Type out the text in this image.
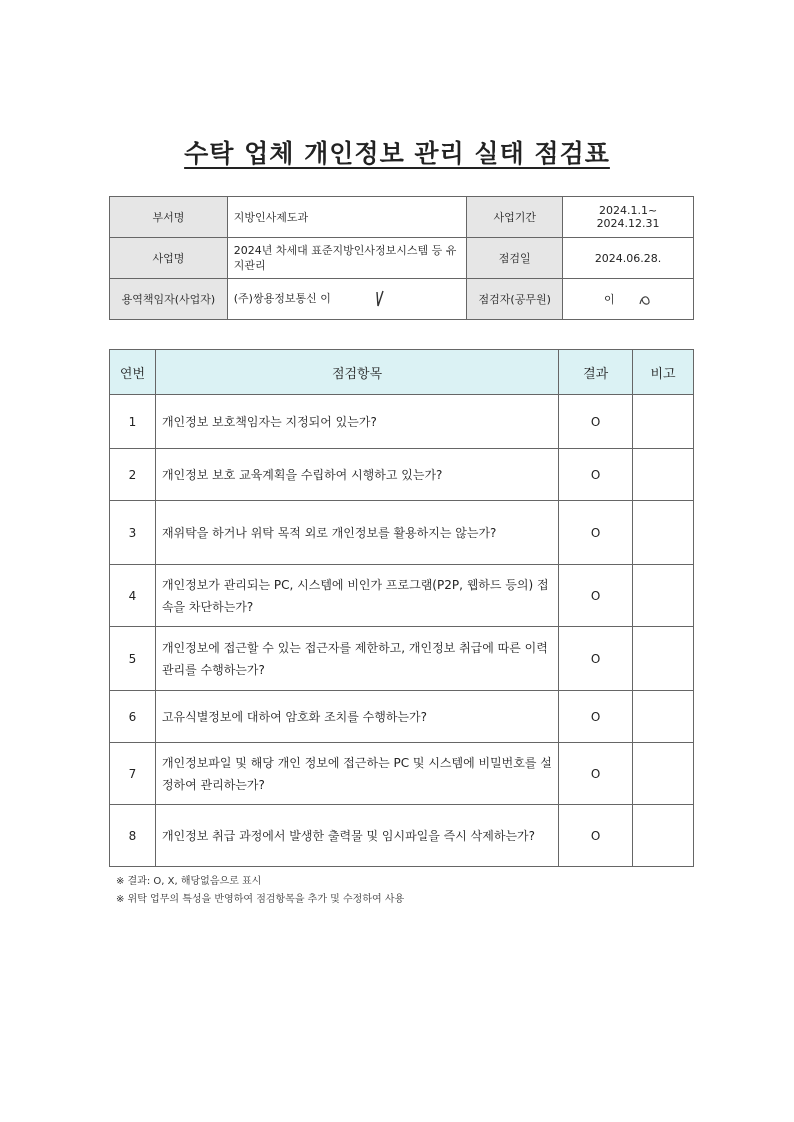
수탁 업체 개인정보 관리 실태 점검표
부서명	지방인사제도과	사업기간	2024.1.1~ 2024.12.31
사업명	2024년 차세대 표준지방인사정보시스템 등 유지관리	점검일	2024.06.28.
용역책임자(사업자)	(주)쌍용정보통신 이	점검자(공무원)	이
연번	점검항목	결과	비고
1	개인정보 보호책임자는 지정되어 있는가?	O	
2	개인정보 보호 교육계획을 수립하여 시행하고 있는가?	O	
3	재위탁을 하거나 위탁 목적 외로 개인정보를 활용하지는 않는가?	O	
4	개인정보가 관리되는 PC, 시스템에 비인가 프로그램(P2P, 웹하드 등의) 접속을 차단하는가?	O	
5	개인정보에 접근할 수 있는 접근자를 제한하고, 개인정보 취급에 따른 이력관리를 수행하는가?	O	
6	고유식별정보에 대하여 암호화 조치를 수행하는가?	O	
7	개인정보파일 및 해당 개인 정보에 접근하는 PC 및 시스템에 비밀번호를 설정하여 관리하는가?	O	
8	개인정보 취급 과정에서 발생한 출력물 및 임시파일을 즉시 삭제하는가?	O	
※ 결과: O, X, 해당없음으로 표시
※ 위탁 업무의 특성을 반영하여 점검항목을 추가 및 수정하여 사용
